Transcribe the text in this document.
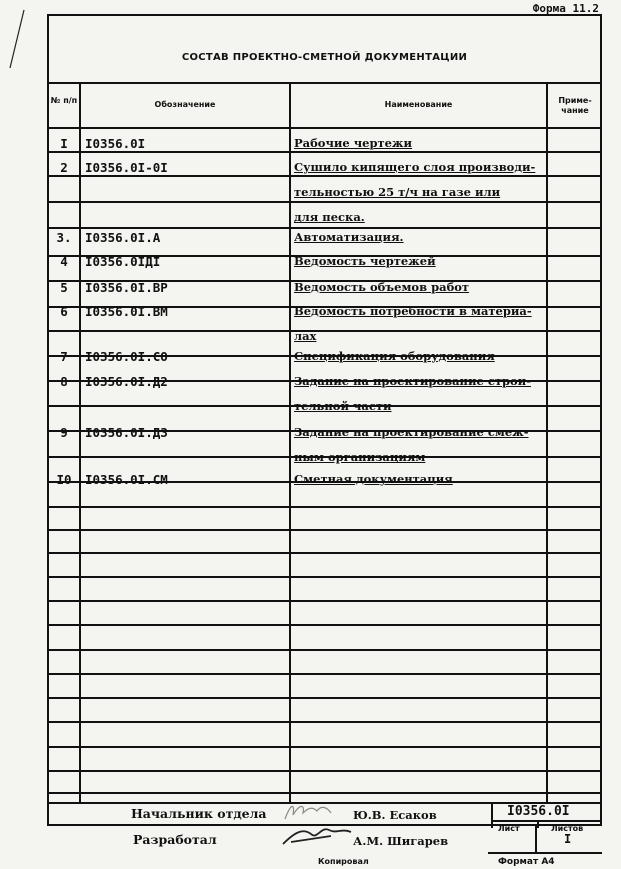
Форма 11.2
СОСТАВ ПРОЕКТНО-СМЕТНОЙ ДОКУМЕНТАЦИИ
№ п/п	Обозначение	Наименование	Приме- чание
I	I0356.0I	Рабочие чертежи
2	I0356.0I-0I	Сушило кипящего слоя производи-
тельностью 25 т/ч на газе или
для песка.
3.	I0356.0I.A	Автоматизация.
4	I0356.0IДI	Ведомость чертежей
5	I0356.0I.BP	Ведомость объемов работ
6	I0356.0I.BM	Ведомость потребности в материа-
лах
7	I0356.0I.CO	Спецификация оборудования
8	I0356.0I.Д2	Задание на проектирование строи-
тельной части
9	I0356.0I.Д3	Задание на проектирование смеж-
ным организациям
I0	I0356.0I.CM	Сметная документация
Начальник отдела	Ю.В. Есаков
Разработал	А.М. Шигарев
I0356.0I
Лист	Листов
I
Копировал	Формат А4
